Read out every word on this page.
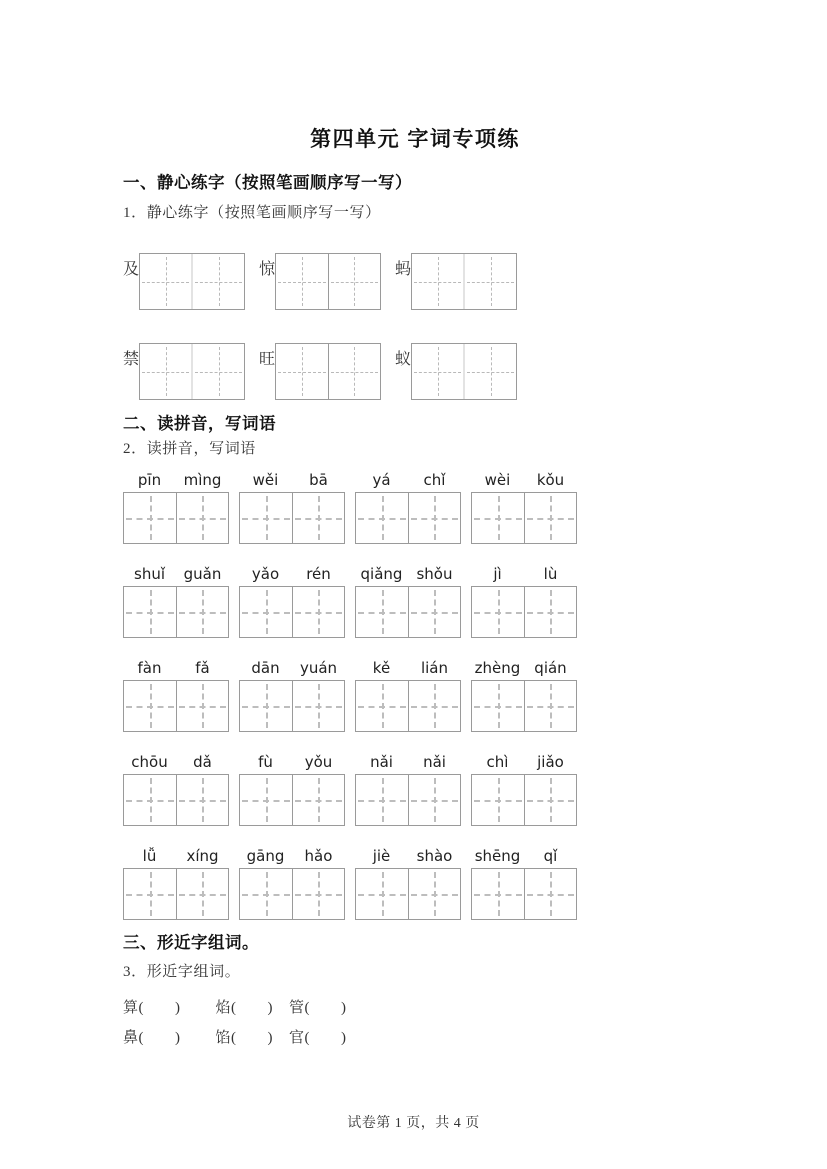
第四单元 字词专项练
一、静心练字（按照笔画顺序写一写）

1．静心练字（按照笔画顺序写一写）

及	惊	蚂
禁	旺	蚁
二、读拼音，写词语

2．读拼音，写词语

pīn	mìng	wěi	bā	yá	chǐ	wèi	kǒu
shuǐ	guǎn	yǎo	rén	qiǎng shǒu	jì	lù
fàn	fǎ	dān	yuán	kě	lián	zhèng qián
chōu	dǎ	fù	yǒu	nǎi	nǎi	chì	jiǎo
lǚ	xíng	gāng	hǎo	jiè	shào	shēng	qǐ
三、形近字组词。

3．形近字组词。

算(　　) 焰(　　) 管(　　)
鼻(　　) 馅(　　) 官(　　)
试卷第 1 页，共 4 页
